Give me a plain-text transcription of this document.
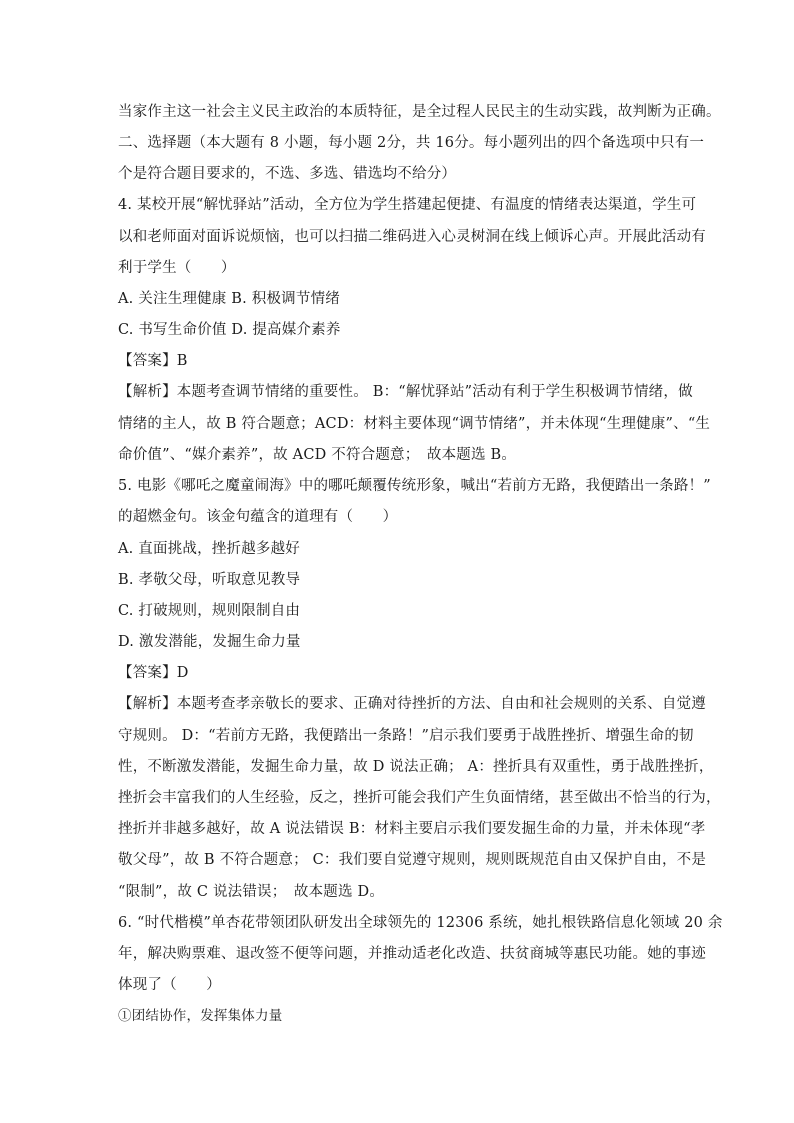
当家作主这一社会主义民主政治的本质特征，是全过程人民民主的生动实践，故判断为正确。
二、选择题（本大题有 8 小题，每小题 2分，共 16分。每小题列出的四个备选项中只有一
个是符合题目要求的，不选、多选、错选均不给分）
4. 某校开展“解忧驿站”活动，全方位为学生搭建起便捷、有温度的情绪表达渠道，学生可
以和老师面对面诉说烦恼，也可以扫描二维码进入心灵树洞在线上倾诉心声。开展此活动有
利于学生（　　）
A. 关注生理健康 B. 积极调节情绪
C. 书写生命价值 D. 提高媒介素养
【答案】B
【解析】本题考查调节情绪的重要性。 B：“解忧驿站”活动有利于学生积极调节情绪，做
情绪的主人，故 B 符合题意；ACD：材料主要体现“调节情绪”，并未体现“生理健康”、“生
命价值”、“媒介素养”，故 ACD 不符合题意；　故本题选 B。
5. 电影《哪吒之魔童闹海》中的哪吒颠覆传统形象，喊出“若前方无路，我便踏出一条路！”
的超燃金句。该金句蕴含的道理有（　　）
A. 直面挑战，挫折越多越好
B. 孝敬父母，听取意见教导
C. 打破规则，规则限制自由
D. 激发潜能，发掘生命力量
【答案】D
【解析】本题考查孝亲敬长的要求、正确对待挫折的方法、自由和社会规则的关系、自觉遵
守规则。 D：“若前方无路，我便踏出一条路！”启示我们要勇于战胜挫折、增强生命的韧
性，不断激发潜能，发掘生命力量，故 D 说法正确； A：挫折具有双重性，勇于战胜挫折，
挫折会丰富我们的人生经验，反之，挫折可能会我们产生负面情绪，甚至做出不恰当的行为，
挫折并非越多越好，故 A 说法错误 B：材料主要启示我们要发掘生命的力量，并未体现“孝
敬父母”，故 B 不符合题意； C：我们要自觉遵守规则，规则既规范自由又保护自由，不是
“限制”，故 C 说法错误；　故本题选 D。
6. “时代楷模”单杏花带领团队研发出全球领先的 12306 系统，她扎根铁路信息化领域 20 余
年，解决购票难、退改签不便等问题，并推动适老化改造、扶贫商城等惠民功能。她的事迹
体现了（　　）
①团结协作，发挥集体力量
